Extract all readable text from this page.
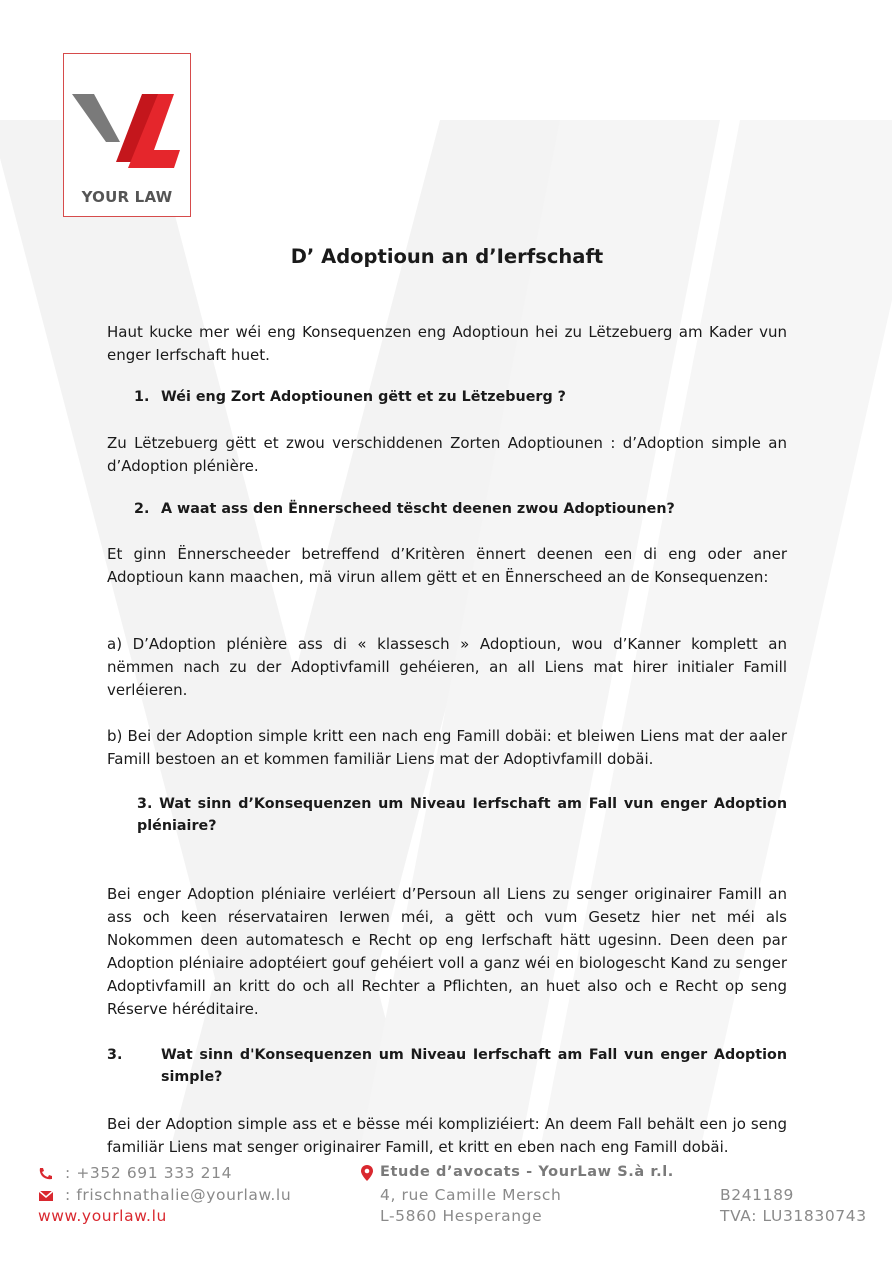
YOUR LAW
D’ Adoptioun an d’Ierfschaft

Haut kucke mer wéi eng Konsequenzen eng Adoptioun hei zu Lëtzebuerg am Kader vun enger Ierfschaft huet.

1. Wéi eng Zort Adoptiounen gëtt et zu Lëtzebuerg ?

Zu Lëtzebuerg gëtt et zwou verschiddenen Zorten Adoptiounen : d’Adoption simple an d’Adoption plénière.

2. A waat ass den Ënnerscheed tëscht deenen zwou Adoptiounen?

Et ginn Ënnerscheeder betreffend d’Kritèren ënnert deenen een di eng oder aner Adoptioun kann maachen, mä virun allem gëtt et en Ënnerscheed an de Konsequenzen:

a) D’Adoption plénière ass di « klassesch » Adoptioun, wou d’Kanner komplett an nëmmen nach zu der Adoptivfamill gehéieren, an all Liens mat hirer initialer Famill verléieren.

b) Bei der Adoption simple kritt een nach eng Famill dobäi: et bleiwen Liens mat der aaler Famill bestoen an et kommen familiär Liens mat der Adoptivfamill dobäi.

3. Wat sinn d’Konsequenzen um Niveau Ierfschaft am Fall vun enger Adoption pléniaire?

Bei enger Adoption pléniaire verléiert d’Persoun all Liens zu senger originairer Famill an ass och keen réservatairen Ierwen méi, a gëtt och vum Gesetz hier net méi als Nokommen deen automatesch e Recht op eng Ierfschaft hätt ugesinn. Deen deen par Adoption pléniaire adoptéiert gouf gehéiert voll a ganz wéi en biologescht Kand zu senger Adoptivfamill an kritt do och all Rechter a Pflichten, an huet also och e Recht op seng Réserve héréditaire.

3.	Wat sinn d'Konsequenzen um Niveau Ierfschaft am Fall vun enger Adoption simple?

Bei der Adoption simple ass et e bësse méi kompliziéiert: An deem Fall behält een jo seng familiär Liens mat senger originairer Famill, et kritt en eben nach eng Famill dobäi.

: +352 691 333 214
: frischnathalie@yourlaw.lu
www.yourlaw.lu
Etude d’avocats - YourLaw S.à r.l.
4, rue Camille Mersch
L-5860 Hesperange
B241189
TVA: LU31830743
